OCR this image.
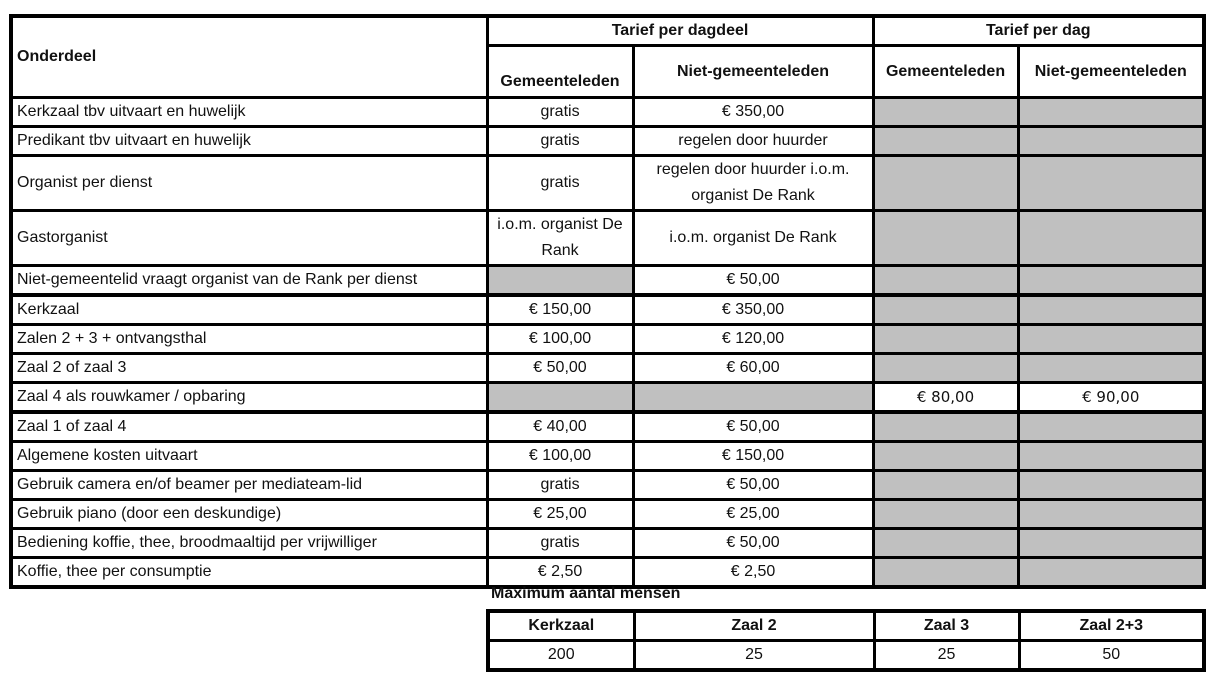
Onderdeel	Tarief per dagdeel		Tarief per dag	
	Gemeenteleden	Niet-gemeenteleden	Gemeenteleden	Niet-gemeenteleden
Kerkzaal tbv uitvaart en huwelijk	gratis	€ 350,00		
Predikant tbv uitvaart en huwelijk	gratis	regelen door huurder		
Organist per dienst	gratis	regelen door huurder i.o.m. organist De Rank		
Gastorganist	i.o.m. organist De Rank	i.o.m. organist De Rank		
Niet-gemeentelid vraagt organist van de Rank per dienst		€ 50,00		
Kerkzaal	€ 150,00	€ 350,00		
Zalen 2 + 3 + ontvangsthal	€ 100,00	€ 120,00		
Zaal 2 of zaal 3	€ 50,00	€ 60,00		
Zaal 4 als rouwkamer / opbaring			€ 80,00	€ 90,00
Zaal 1 of zaal 4	€ 40,00	€ 50,00		
Algemene kosten uitvaart	€ 100,00	€ 150,00		
Gebruik camera en/of beamer per mediateam-lid	gratis	€ 50,00		
Gebruik piano (door een deskundige)	€ 25,00	€ 25,00		
Bediening koffie, thee, broodmaaltijd per vrijwilliger	gratis	€ 50,00		
Koffie, thee per consumptie	€ 2,50	€ 2,50		
Maximum aantal mensen
Kerkzaal	Zaal 2	Zaal 3	Zaal 2+3
200	25	25	50
